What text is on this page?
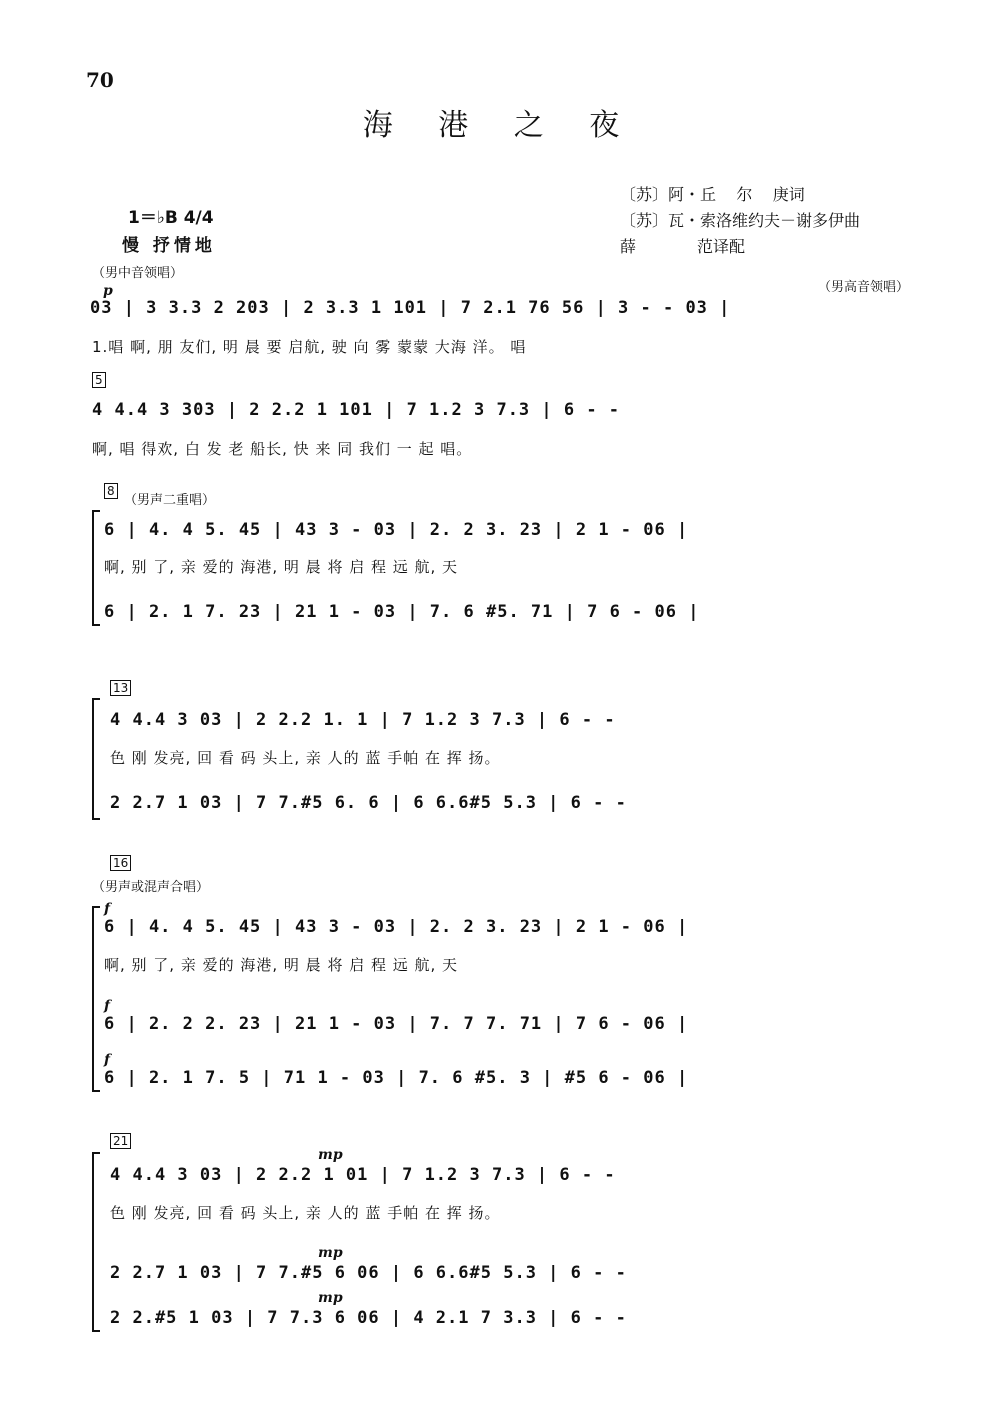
70
海 港 之 夜
〔苏〕阿・丘    尔    庚词
〔苏〕瓦・索洛维约夫－谢多伊曲
薛            范译配
1＝♭B 4/4
慢 抒情地
（男中音领唱）
（男高音领唱）
p
03 | 3 3.3 2 203 | 2 3.3 1 101 | 7 2.1 76 56 | 3 - - 03 |
1.唱 啊, 朋 友们, 明 晨 要 启航, 驶 向 雾 蒙蒙 大海 洋。 唱
5
4 4.4 3 303 | 2 2.2 1 101 | 7 1.2 3 7.3 | 6 - -
啊, 唱 得欢, 白 发 老 船长, 快 来 同 我们 一 起 唱。
8
（男声二重唱）
6 | 4. 4 5. 45 | 43 3 - 03 | 2. 2 3. 23 | 2 1 - 06 |
啊, 别 了, 亲 爱的 海港, 明 晨 将 启 程 远 航, 天
6 | 2. 1 7. 23 | 21 1 - 03 | 7. 6 #5. 71 | 7 6 - 06 |
13
4 4.4 3 03 | 2 2.2 1. 1 | 7 1.2 3 7.3 | 6 - -
色 刚 发亮, 回 看 码 头上, 亲 人的 蓝 手帕 在 挥 扬。
2 2.7 1 03 | 7 7.#5 6. 6 | 6 6.6#5 5.3 | 6 - -
16
（男声或混声合唱）
f
6 | 4. 4 5. 45 | 43 3 - 03 | 2. 2 3. 23 | 2 1 - 06 |
啊, 别 了, 亲 爱的 海港, 明 晨 将 启 程 远 航, 天
f
6 | 2. 2 2. 23 | 21 1 - 03 | 7. 7 7. 71 | 7 6 - 06 |
f
6 | 2. 1 7. 5 | 71 1 - 03 | 7. 6 #5. 3 | #5 6 - 06 |
21
mp
4 4.4 3 03 | 2 2.2 1 01 | 7 1.2 3 7.3 | 6 - -
色 刚 发亮, 回 看 码 头上, 亲 人的 蓝 手帕 在 挥 扬。
mp
2 2.7 1 03 | 7 7.#5 6 06 | 6 6.6#5 5.3 | 6 - -
mp
2 2.#5 1 03 | 7 7.3 6 06 | 4 2.1 7 3.3 | 6 - -
